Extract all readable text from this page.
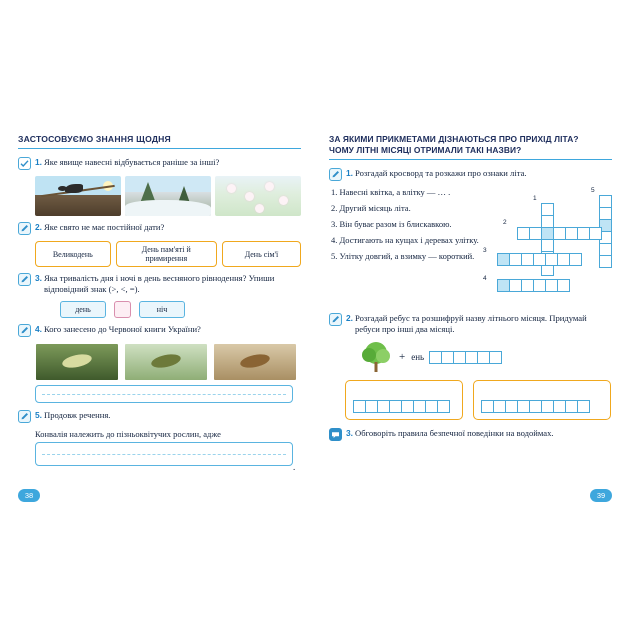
ЗАСТОСОВУЄМО ЗНАННЯ ЩОДНЯ
1. Яке явище навесні відбувається раніше за інші?
2. Яке свято не має постійної дати?
Великодень
День пам'яті й примирення
День сім'ї
3. Яка тривалість дня і ночі в день весняного рівнодення? Упиши відповідний знак (>, <, =).
день	ніч
4. Кого занесено до Червоної книги України?
5. Продовж речення.
Конвалія належить до пізньоквітучих рослин, адже
.
38
ЗА ЯКИМИ ПРИКМЕТАМИ ДІЗНАЮТЬСЯ ПРО ПРИХІД ЛІТА?
ЧОМУ ЛІТНІ МІСЯЦІ ОТРИМАЛИ ТАКІ НАЗВИ?
1. Розгадай кросворд та розкажи про ознаки літа.
1. Навесні квітка, а влітку — … .
2. Другий місяць літа.
3. Він буває разом із блискавкою.
4. Достигають на кущах і деревах улітку.
5. Улітку довгий, а взимку — короткий.
1
5
2
3
4
2. Розгадай ребус та розшифруй назву літнього місяця. Придумай ребуси про інші два місяці.
+ ень
3. Обговоріть правила безпечної поведінки на водоймах.
39
